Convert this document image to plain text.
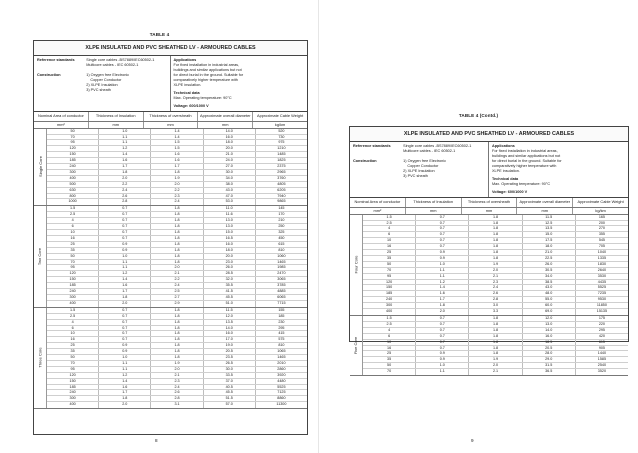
TABLE 4
XLPE INSULATED AND PVC SHEATHED LV - ARMOURED CABLES
Reference standards	Single core cables -BS7889/IEC60502-1
Multicore cables - IEC 60502-1
Construction	1) Oxygen free Electronic
Copper Conductor
2) XLPE Insulation
3) PVC sheath
Applications
For fixed installation in industrial areas,
buildings and similar applications but not
for direct burial in the ground. Suitable for
comparatively higher temperature with
XLPE insulation.
Technical data
Max. Operating temperature: 90°C
Voltage: 600/1000 V
Nominal Area of conductor	Thickness of Insulation	Thickness of oversheath	Approximate overall diameter	Approximate Cable Weight
mm²	mm	mm	mm	kg/km
Single Core
50	1.0	1.4	14.0	520
70	1.1	1.4	16.0	730
95	1.1	1.5	18.0	975
120	1.2	1.5	20.0	1210
150	1.4	1.6	21.0	1485
185	1.6	1.6	24.0	1825
240	1.7	1.7	27.0	2375
300	1.8	1.8	30.0	2965
400	2.0	1.9	34.0	3760
500	2.2	2.0	38.0	4805
630	2.4	2.2	43.0	6205
800	2.6	2.3	47.0	7940
1000	2.8	2.4	53.0	9865
Two Core
1.5	0.7	1.8	11.0	145
2.5	0.7	1.8	11.6	170
4	0.7	1.8	13.0	210
6	0.7	1.8	13.0	250
10	0.7	1.8	15.0	325
16	0.7	1.8	16.5	450
25	0.9	1.8	16.0	615
35	0.9	1.8	18.0	810
50	1.0	1.8	20.0	1060
70	1.1	1.8	23.0	1465
95	1.1	2.0	26.0	1985
120	1.2	2.1	28.5	2470
150	1.4	2.2	32.0	3065
185	1.6	2.4	35.5	3785
240	1.7	2.5	41.5	4885
300	1.8	2.7	45.5	6065
400	2.0	2.9	51.0	7715
Three Core
1.5	0.7	1.8	11.5	155
2.5	0.7	1.8	12.0	185
4	0.7	1.8	13.5	230
6	0.7	1.8	14.0	295
10	0.7	1.8	16.0	415
16	0.7	1.8	17.0	575
25	0.9	1.8	19.0	810
35	0.9	1.8	20.5	1065
50	1.0	1.8	23.5	1465
70	1.1	1.9	26.5	2010
95	1.1	2.0	30.0	2860
120	1.2	2.1	33.5	3920
150	1.4	2.3	37.0	4480
185	1.6	2.4	40.5	5525
240	1.7	2.6	45.5	7125
300	1.8	2.8	51.5	8860
400	2.0	3.1	57.0	11300
8
TABLE 4 (Contd.)
XLPE INSULATED AND PVC SHEATHED LV - ARMOURED CABLES
Reference standards	Single core cables -BS7889/IEC60502-1
Multicore cables - IEC 60502-1
Construction	1) Oxygen free Electronic
Copper Conductor
2) XLPE Insulation
3) PVC sheath
Applications
For fixed installation in industrial areas,
buildings and similar applications but not
for direct burial in the ground. Suitable for
comparatively higher temperature with
XLPE insulation.
Technical data
Max. Operating temperature: 90°C
Voltage: 600/1000 V
Nominal Area of conductor	Thickness of Insulation	Thickness of oversheath	Approximate overall diameter	Approximate Cable Weight
mm²	mm	mm	mm	kg/km
Four Core
1.5	0.7	1.8	11.5	165
2.5	0.7	1.8	12.5	200
4	0.7	1.8	13.5	270
6	0.7	1.8	15.0	355
10	0.7	1.8	17.5	545
16	0.7	1.8	18.0	705
25	0.9	1.8	21.0	1040
35	0.9	1.8	22.5	1335
50	1.0	1.9	26.0	1830
70	1.1	2.0	30.5	2640
95	1.1	2.1	34.0	3530
120	1.2	2.3	38.5	4435
150	1.4	2.4	43.0	5525
185	1.6	2.6	48.0	7235
240	1.7	2.8	55.0	9530
300	1.8	3.0	60.0	11850
400	2.0	3.3	69.0	15135
Five Core
1.5	0.7	1.8	12.0	175
2.5	0.7	1.8	13.0	220
4	0.7	1.8	14.0	295
6	0.7	1.8	16.0	420
10	0.7	1.8	18.5	615
16	0.7	1.8	20.5	905
25	0.9	1.8	28.0	1440
35	0.9	1.9	29.0	1585
50	1.0	2.0	31.5	2540
70	1.1	2.1	36.5	3520
9
